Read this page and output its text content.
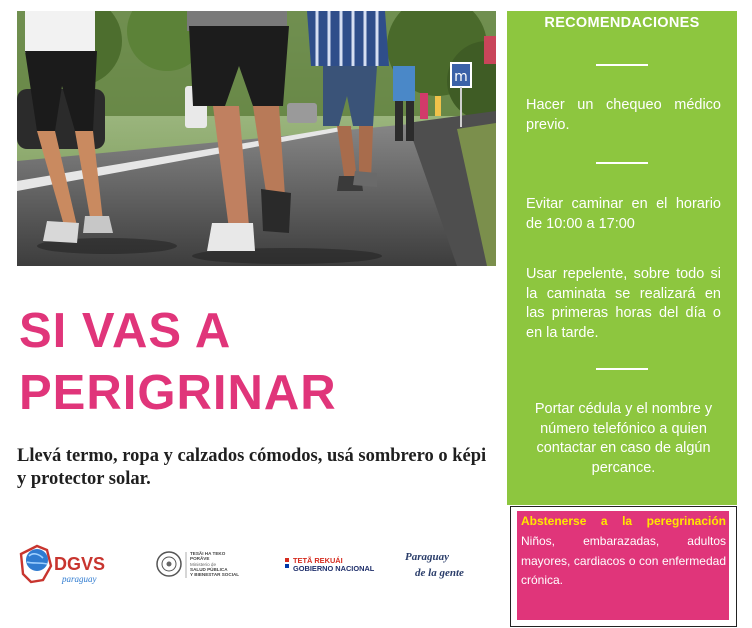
m
SI VAS A
PERIGRINAR

Llevá termo, ropa y calzados cómodos, usá sombrero o képi y protector solar.

DGVS
paraguay
TESÃI HA TEKO
PORÃVE
Ministerio de
SALUD PÚBLICA
Y BIENESTAR SOCIAL
TETÃ REKUÁI
GOBIERNO NACIONAL
Paraguay
de la gente
RECOMENDACIONES
Hacer un chequeo médico previo.
Evitar caminar en el horario de 10:00 a 17:00
Usar repelente, sobre todo si la caminata se realizará en las primeras horas del día o en la tarde.
Portar cédula y el nombre y número telefónico a quien contactar en caso de algún percance.
Abstenerse a la peregrinación
Niños, embarazadas, adultos mayores, cardiacos o con enfermedad crónica.
